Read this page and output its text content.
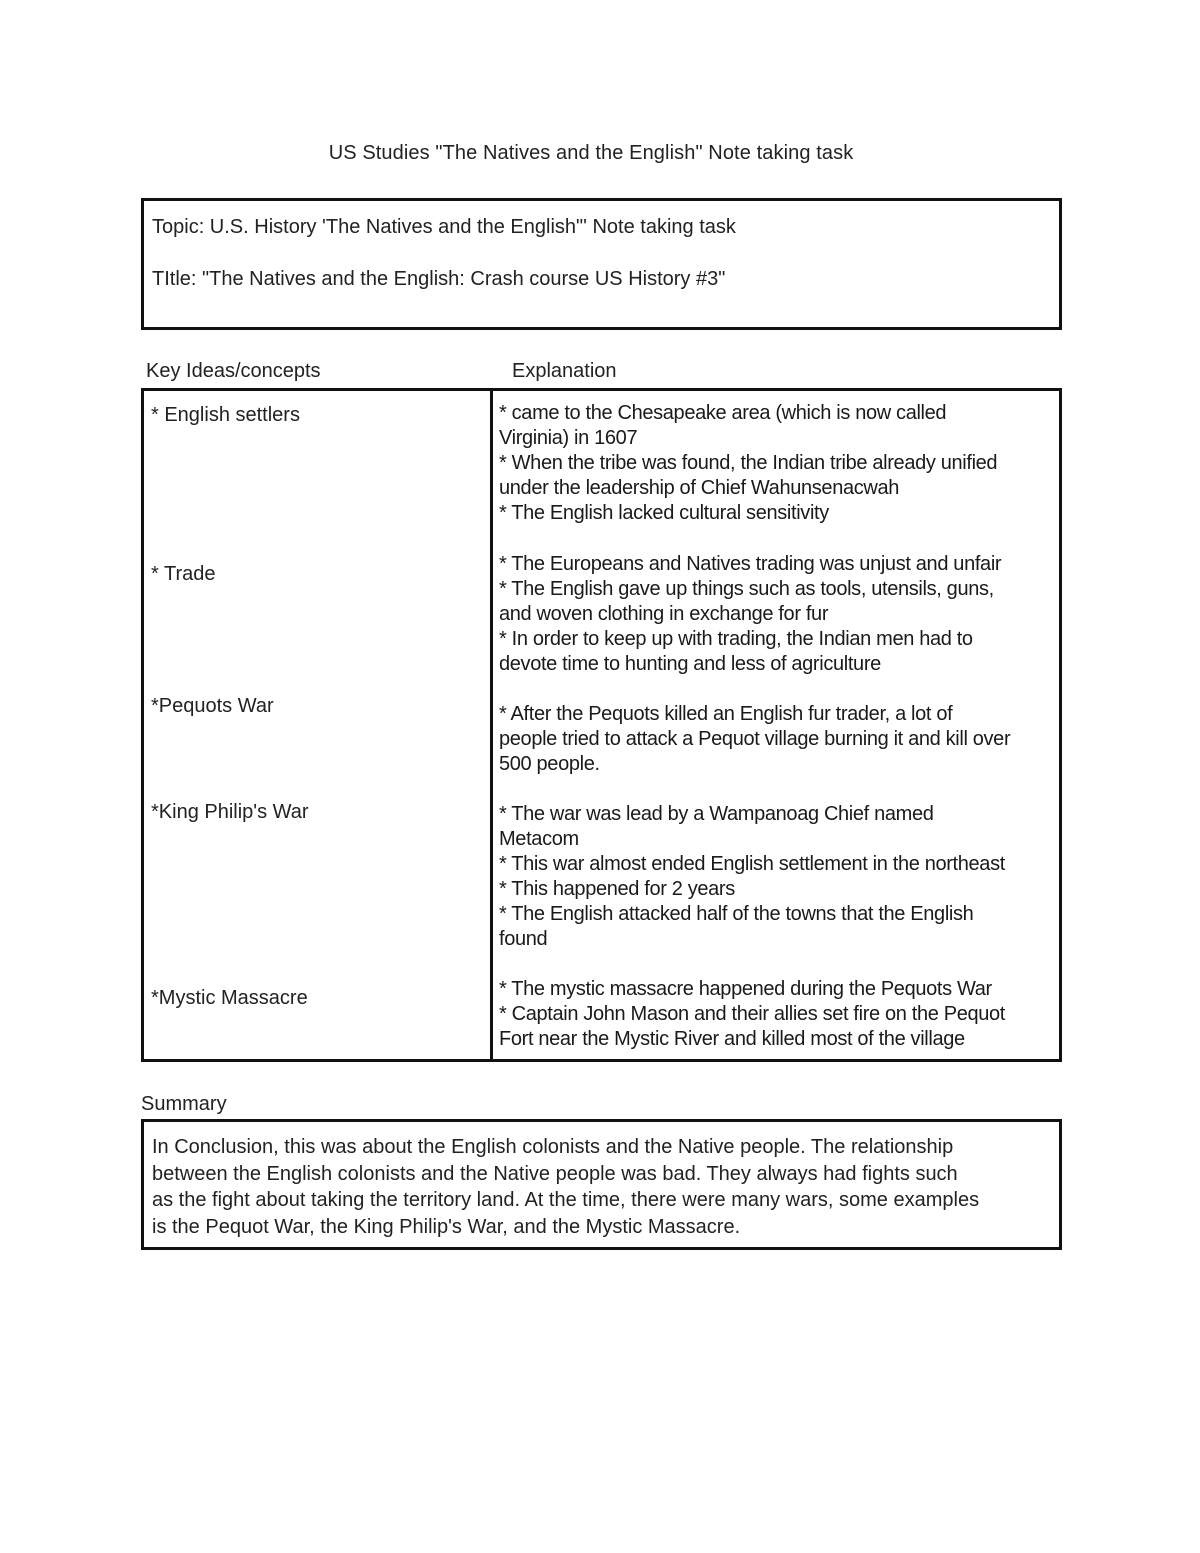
US Studies "The Natives and the English" Note taking task
Topic: U.S. History 'The Natives and the English"' Note taking task
TItle: "The Natives and the English: Crash course US History #3"
Key Ideas/concepts	Explanation
* English settlers	* came to the Chesapeake area (which is now called
Virginia) in 1607
* When the tribe was found, the Indian tribe already unified
under the leadership of Chief Wahunsenacwah
* The English lacked cultural sensitivity
* Trade	* The Europeans and Natives trading was unjust and unfair
* The English gave up things such as tools, utensils, guns,
and woven clothing in exchange for fur
* In order to keep up with trading, the Indian men had to
devote time to hunting and less of agriculture
*Pequots War	* After the Pequots killed an English fur trader, a lot of
people tried to attack a Pequot village burning it and kill over
500 people.
*King Philip's War	* The war was lead by a Wampanoag Chief named
Metacom
* This war almost ended English settlement in the northeast
* This happened for 2 years
* The English attacked half of the towns that the English
found
*Mystic Massacre	* The mystic massacre happened during the Pequots War
* Captain John Mason and their allies set fire on the Pequot
Fort near the Mystic River and killed most of the village
Summary
In Conclusion, this was about the English colonists and the Native people. The relationship
between the English colonists and the Native people was bad. They always had fights such
as the fight about taking the territory land. At the time, there were many wars, some examples
is the Pequot War, the King Philip's War, and the Mystic Massacre.
